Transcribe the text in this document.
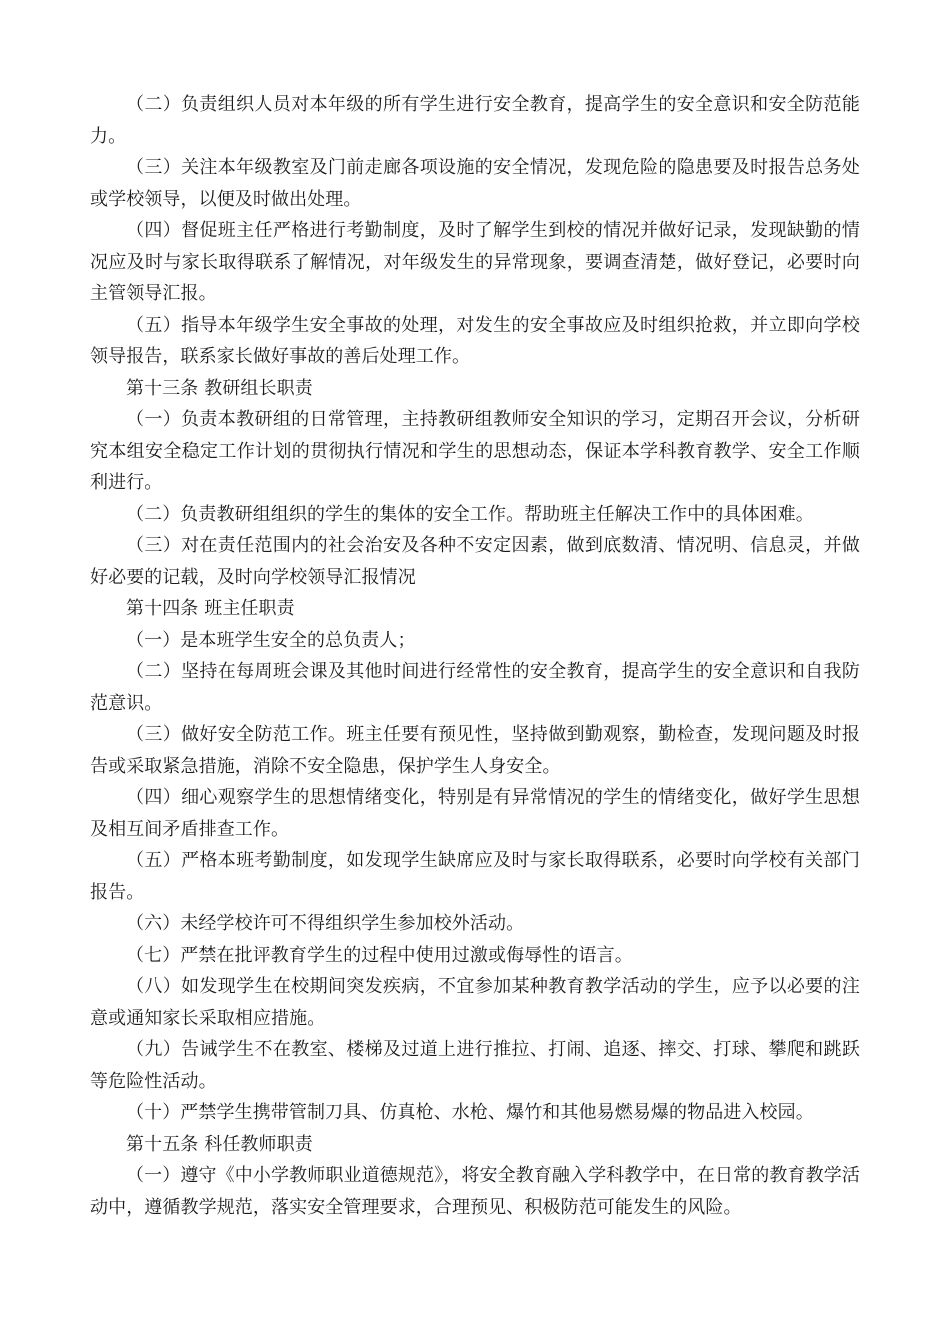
（二）负责组织人员对本年级的所有学生进行安全教育，提高学生的安全意识和安全防范能力。

（三）关注本年级教室及门前走廊各项设施的安全情况，发现危险的隐患要及时报告总务处或学校领导，以便及时做出处理。

（四）督促班主任严格进行考勤制度，及时了解学生到校的情况并做好记录，发现缺勤的情况应及时与家长取得联系了解情况，对年级发生的异常现象，要调查清楚，做好登记，必要时向主管领导汇报。

（五）指导本年级学生安全事故的处理，对发生的安全事故应及时组织抢救，并立即向学校领导报告，联系家长做好事故的善后处理工作。

第十三条 教研组长职责

（一）负责本教研组的日常管理，主持教研组教师安全知识的学习，定期召开会议，分析研究本组安全稳定工作计划的贯彻执行情况和学生的思想动态，保证本学科教育教学、安全工作顺利进行。

（二）负责教研组组织的学生的集体的安全工作。帮助班主任解决工作中的具体困难。

（三）对在责任范围内的社会治安及各种不安定因素，做到底数清、情况明、信息灵，并做好必要的记载，及时向学校领导汇报情况

第十四条 班主任职责

（一）是本班学生安全的总负责人；

（二）坚持在每周班会课及其他时间进行经常性的安全教育，提高学生的安全意识和自我防范意识。

（三）做好安全防范工作。班主任要有预见性，坚持做到勤观察，勤检查，发现问题及时报告或采取紧急措施，消除不安全隐患，保护学生人身安全。

（四）细心观察学生的思想情绪变化，特别是有异常情况的学生的情绪变化，做好学生思想及相互间矛盾排查工作。

（五）严格本班考勤制度，如发现学生缺席应及时与家长取得联系，必要时向学校有关部门报告。

（六）未经学校许可不得组织学生参加校外活动。

（七）严禁在批评教育学生的过程中使用过激或侮辱性的语言。

（八）如发现学生在校期间突发疾病，不宜参加某种教育教学活动的学生，应予以必要的注意或通知家长采取相应措施。

（九）告诫学生不在教室、楼梯及过道上进行推拉、打闹、追逐、摔交、打球、攀爬和跳跃等危险性活动。

（十）严禁学生携带管制刀具、仿真枪、水枪、爆竹和其他易燃易爆的物品进入校园。

第十五条 科任教师职责

（一）遵守《中小学教师职业道德规范》，将安全教育融入学科教学中，在日常的教育教学活动中，遵循教学规范，落实安全管理要求，合理预见、积极防范可能发生的风险。
